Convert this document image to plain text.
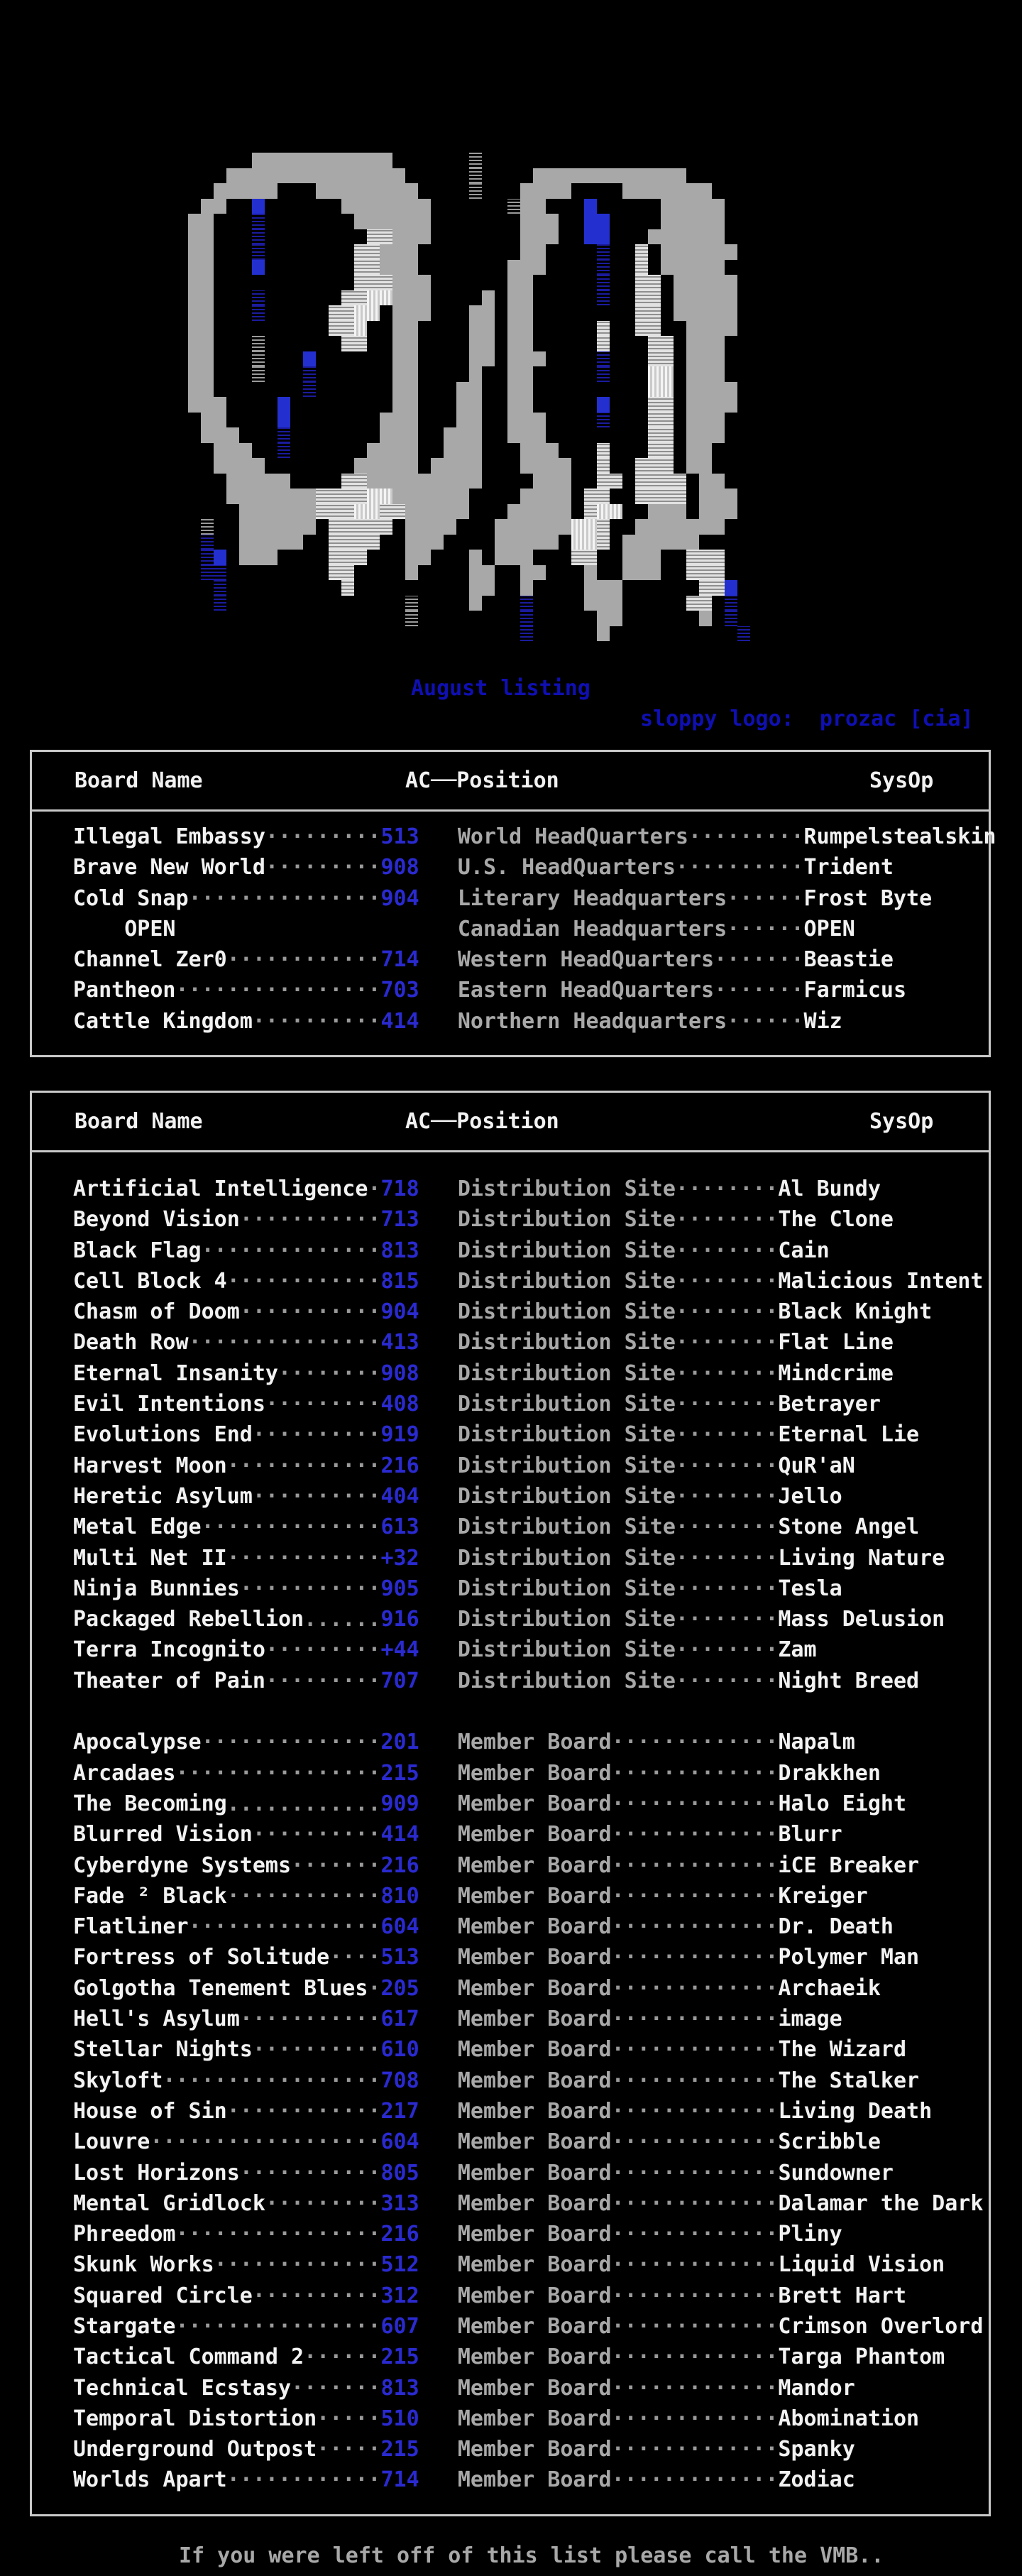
August listing
sloppy logo:  prozac [cia]
Board Name	AC──Position	SysOp
Illegal Embassy·········513 World HeadQuarters·········Rumpelstealskin
Brave New World·········908 U.S. HeadQuarters··········Trident
Cold Snap···············904 Literary Headquarters······Frost Byte
OPEN	Canadian Headquarters······OPEN
Channel Zer0············714 Western HeadQuarters·······Beastie
Pantheon················703 Eastern HeadQuarters·······Farmicus
Cattle Kingdom··········414 Northern Headquarters······Wiz
Board Name	AC──Position	SysOp
Artificial Intelligence·718 Distribution Site········Al Bundy
Beyond Vision···········713 Distribution Site········The Clone
Black Flag··············813 Distribution Site········Cain
Cell Block 4············815 Distribution Site········Malicious Intent
Chasm of Doom···········904 Distribution Site········Black Knight
Death Row···············413 Distribution Site········Flat Line
Eternal Insanity········908 Distribution Site········Mindcrime
Evil Intentions·········408 Distribution Site········Betrayer
Evolutions End··········919 Distribution Site········Eternal Lie
Harvest Moon············216 Distribution Site········QuR'aN
Heretic Asylum··········404 Distribution Site········Jello
Metal Edge··············613 Distribution Site········Stone Angel
Multi Net II············+32 Distribution Site········Living Nature
Ninja Bunnies···········905 Distribution Site········Tesla
Packaged Rebellion......916 Distribution Site········Mass Delusion
Terra Incognito·········+44 Distribution Site········Zam
Theater of Pain·········707 Distribution Site········Night Breed
Apocalypse··············201 Member Board·············Napalm
Arcadaes················215 Member Board·············Drakkhen
The Becoming............909 Member Board·············Halo Eight
Blurred Vision··········414 Member Board·············Blurr
Cyberdyne Systems·······216 Member Board·············iCE Breaker
Fade ² Black············810 Member Board·············Kreiger
Flatliner···············604 Member Board·············Dr. Death
Fortress of Solitude····513 Member Board·············Polymer Man
Golgotha Tenement Blues·205 Member Board·············Archaeik
Hell's Asylum···········617 Member Board·············image
Stellar Nights··········610 Member Board·············The Wizard
Skyloft·················708 Member Board·············The Stalker
House of Sin············217 Member Board·············Living Death
Louvre··················604 Member Board·············Scribble
Lost Horizons···········805 Member Board·············Sundowner
Mental Gridlock·········313 Member Board·············Dalamar the Dark
Phreedom················216 Member Board·············Pliny
Skunk Works·············512 Member Board·············Liquid Vision
Squared Circle··········312 Member Board·············Brett Hart
Stargate················607 Member Board·············Crimson Overlord
Tactical Command 2······215 Member Board·············Targa Phantom
Technical Ecstasy·······813 Member Board·············Mandor
Temporal Distortion·····510 Member Board·············Abomination
Underground Outpost·····215 Member Board·············Spanky
Worlds Apart············714 Member Board·············Zodiac
If you were left off of this list please call the VMB..
